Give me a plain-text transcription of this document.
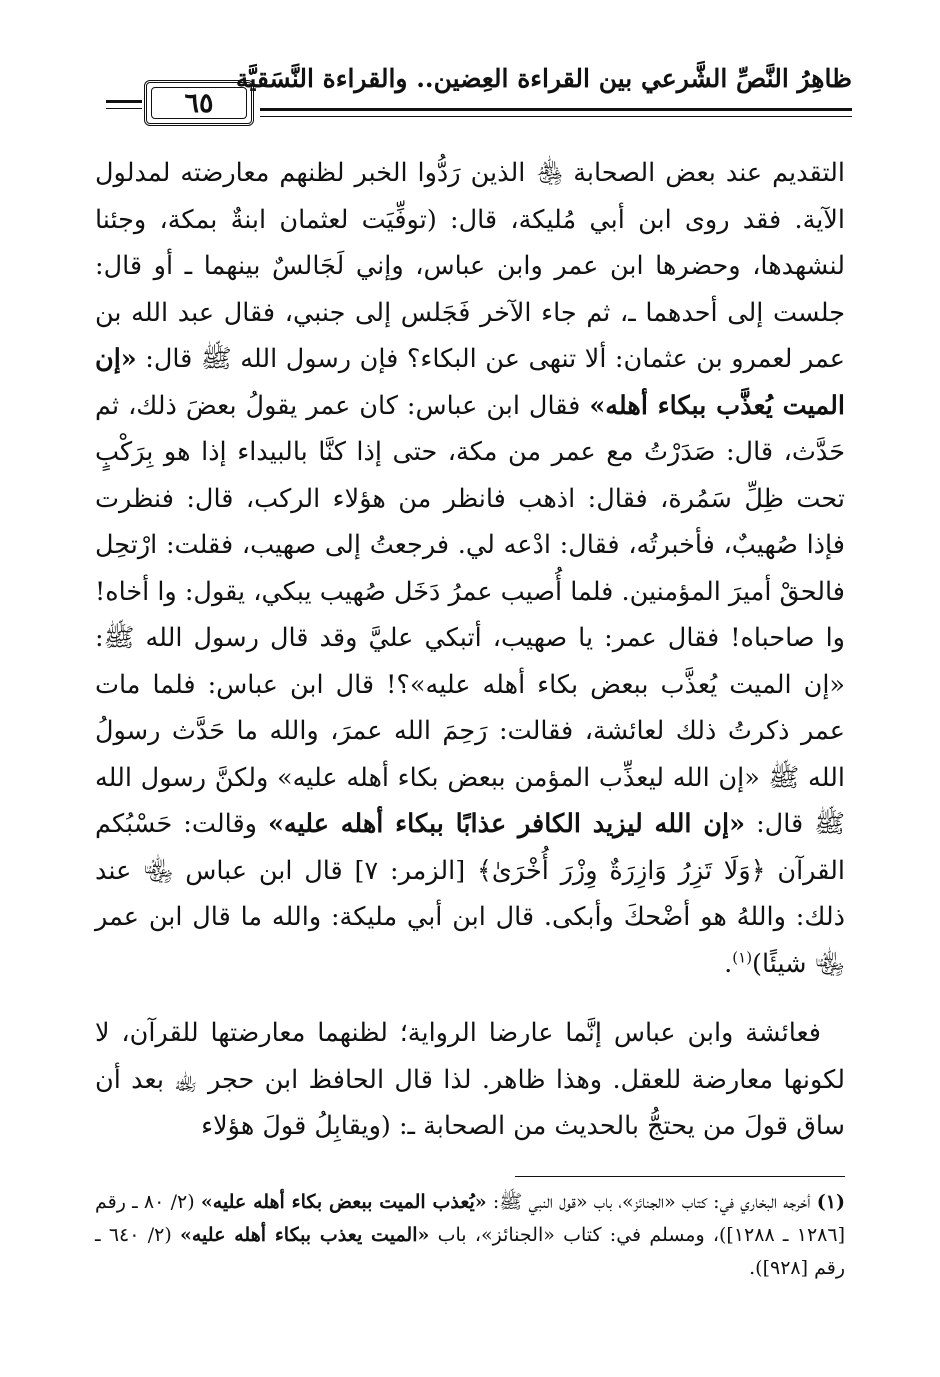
ظاهِرُ النَّصِّ الشَّرعي بين القراءة العِضين.. والقراءة النَّسَقيَّة
٦٥

التقديم عند بعض الصحابة ﵃ الذين رَدُّوا الخبر لظنهم معارضته لمدلول الآية. فقد روى ابن أبي مُليكة، قال: (توفِّيَت لعثمان ابنةٌ بمكة، وجئنا لنشهدها، وحضرها ابن عمر وابن عباس، وإني لَجَالسٌ بينهما ـ أو قال: جلست إلى أحدهما ـ، ثم جاء الآخر فَجَلس إلى جنبي، فقال عبد الله بن عمر لعمرو بن عثمان: ألا تنهى عن البكاء؟ فإن رسول الله ﷺ قال: «إن الميت يُعذَّب ببكاء أهله» فقال ابن عباس: كان عمر يقولُ بعضَ ذلك، ثم حَدَّث، قال: صَدَرْتُ مع عمر من مكة، حتى إذا كنَّا بالبيداء إذا هو بِرَكْبٍ تحت ظِلِّ سَمُرة، فقال: اذهب فانظر من هؤلاء الركب، قال: فنظرت فإذا صُهيبٌ، فأخبرتُه، فقال: ادْعه لي. فرجعتُ إلى صهيب، فقلت: ارْتحِل فالحقْ أميرَ المؤمنين. فلما أُصيب عمرُ دَخَل صُهيب يبكي، يقول: وا أخاه! وا صاحباه! فقال عمر: يا صهيب، أتبكي عليَّ وقد قال رسول الله ﷺ: «إن الميت يُعذَّب ببعض بكاء أهله عليه»؟! قال ابن عباس: فلما مات عمر ذكرتُ ذلك لعائشة، فقالت: رَحِمَ الله عمرَ، والله ما حَدَّث رسولُ الله ﷺ «إن الله ليعذِّب المؤمن ببعض بكاء أهله عليه» ولكنَّ رسول الله ﷺ قال: «إن الله ليزيد الكافر عذابًا ببكاء أهله عليه» وقالت: حَسْبُكم القرآن ﴿وَلَا تَزِرُ وَازِرَةٌ وِزْرَ أُخْرَىٰ﴾ [الزمر: ٧] قال ابن عباس ﵄ عند ذلك: واللهُ هو أضْحكَ وأبكى. قال ابن أبي مليكة: والله ما قال ابن عمر ﵄ شيئًا)$^{(١)}$.

فعائشة وابن عباس إنَّما عارضا الرواية؛ لظنهما معارضتها للقرآن، لا لكونها معارضة للعقل. وهذا ظاهر. لذا قال الحافظ ابن حجر ﵀ بعد أن ساق قولَ من يحتجُّ بالحديث من الصحابة ـ: (ويقابِلُ قولَ هؤلاء

(١) أخرجه البخاري في: كتاب «الجنائز»، باب «قول النبي ﷺ: «يُعذب الميت ببعض بكاء أهله عليه» (٢/ ٨٠ ـ رقم [١٢٨٦ ـ ١٢٨٨])، ومسلم في: كتاب «الجنائز»، باب «الميت يعذب ببكاء أهله عليه» (٢/ ٦٤٠ ـ رقم [٩٢٨]).
